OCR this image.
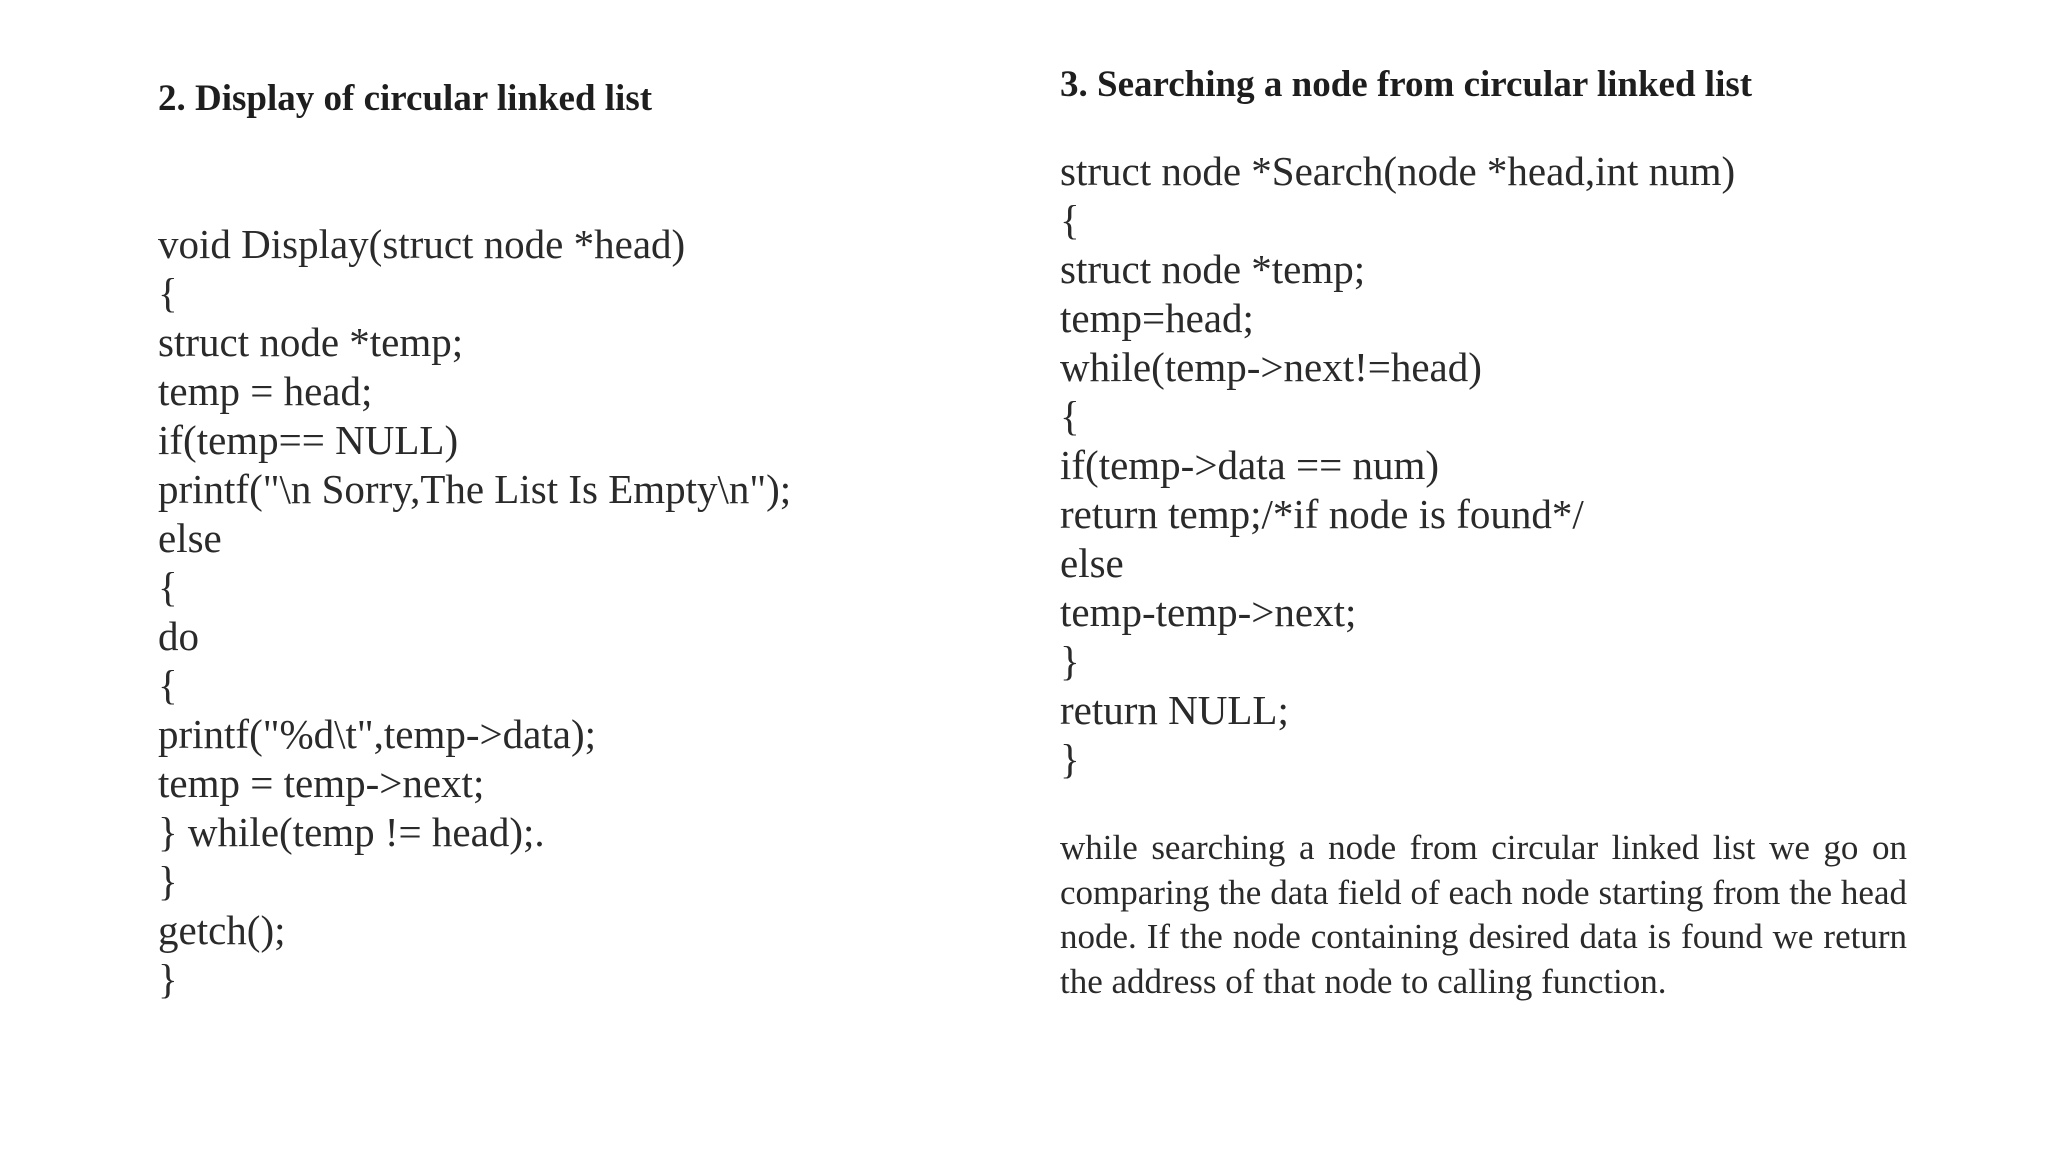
2. Display of circular linked list
void Display(struct node *head)
{
struct node *temp;
temp = head;
if(temp== NULL)
printf("\n Sorry,The List Is Empty\n");
else
{
do
{
printf("%d\t",temp->data);
temp = temp->next;
} while(temp != head);.
}
getch();
}
3. Searching a node from circular linked list
struct node *Search(node *head,int num)
{
struct node *temp;
temp=head;
while(temp->next!=head)
{
if(temp->data == num)
return temp;/*if node is found*/
else
temp-temp->next;
}
return NULL;
}

while searching a node from circular linked list we go on comparing the data field of each node starting from the head node. If the node containing desired data is found we return the address of that node to calling function.
